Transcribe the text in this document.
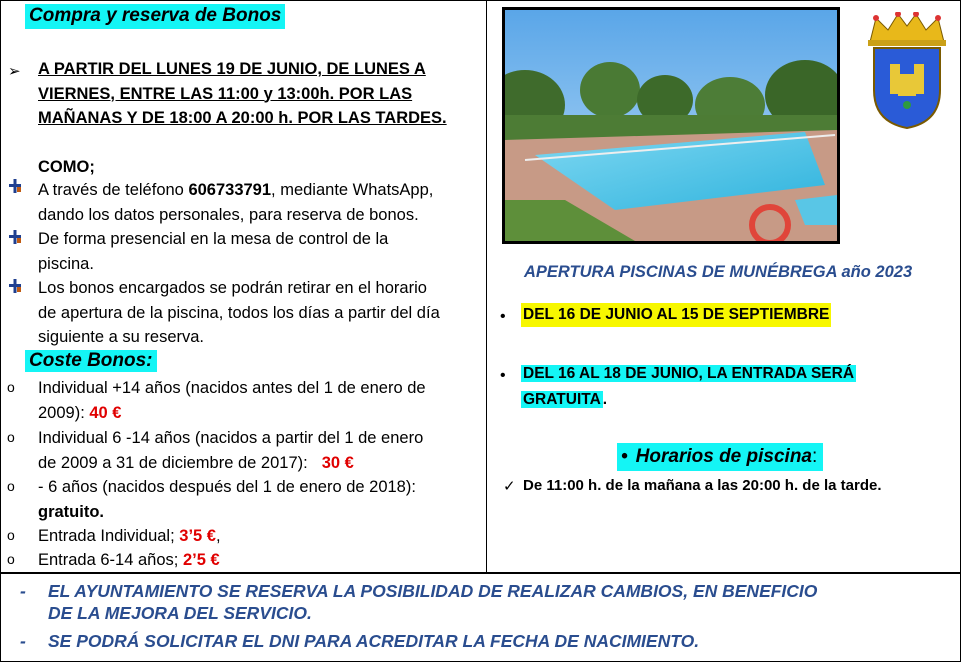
Compra y reserva de Bonos
➢ A PARTIR DEL LUNES 19 DE JUNIO, DE LUNES A
VIERNES, ENTRE LAS 11:00 y 13:00h. POR LAS
MAÑANAS Y DE 18:00 A 20:00 h. POR LAS TARDES.
COMO;
A través de teléfono 606733791, mediante WhatsApp,
dando los datos personales, para reserva de bonos.
De forma presencial en la mesa de control de la
piscina.
Los bonos encargados se podrán retirar en el horario
de apertura de la piscina, todos los días a partir del día
siguiente a su reserva.
Coste Bonos:
o Individual +14 años (nacidos antes del 1 de enero de
2009): 40 €
o Individual 6 -14 años (nacidos a partir del 1 de enero
de 2009 a 31 de diciembre de 2017): 30 €
o - 6 años (nacidos después del 1 de enero de 2018):
gratuito.
o Entrada Individual; 3’5 €,
o Entrada 6-14 años; 2’5 €
APERTURA PISCINAS DE MUNÉBREGA año 2023
• DEL 16 DE JUNIO AL 15 DE SEPTIEMBRE
• DEL 16 AL 18 DE JUNIO, LA ENTRADA SERÁ
GRATUITA .
• Horarios de piscina:
✓ De 11:00 h. de la mañana a las 20:00 h. de la tarde.
- EL AYUNTAMIENTO SE RESERVA LA POSIBILIDAD DE REALIZAR CAMBIOS, EN BENEFICIO
DE LA MEJORA DEL SERVICIO.
- SE PODRÁ SOLICITAR EL DNI PARA ACREDITAR LA FECHA DE NACIMIENTO.
